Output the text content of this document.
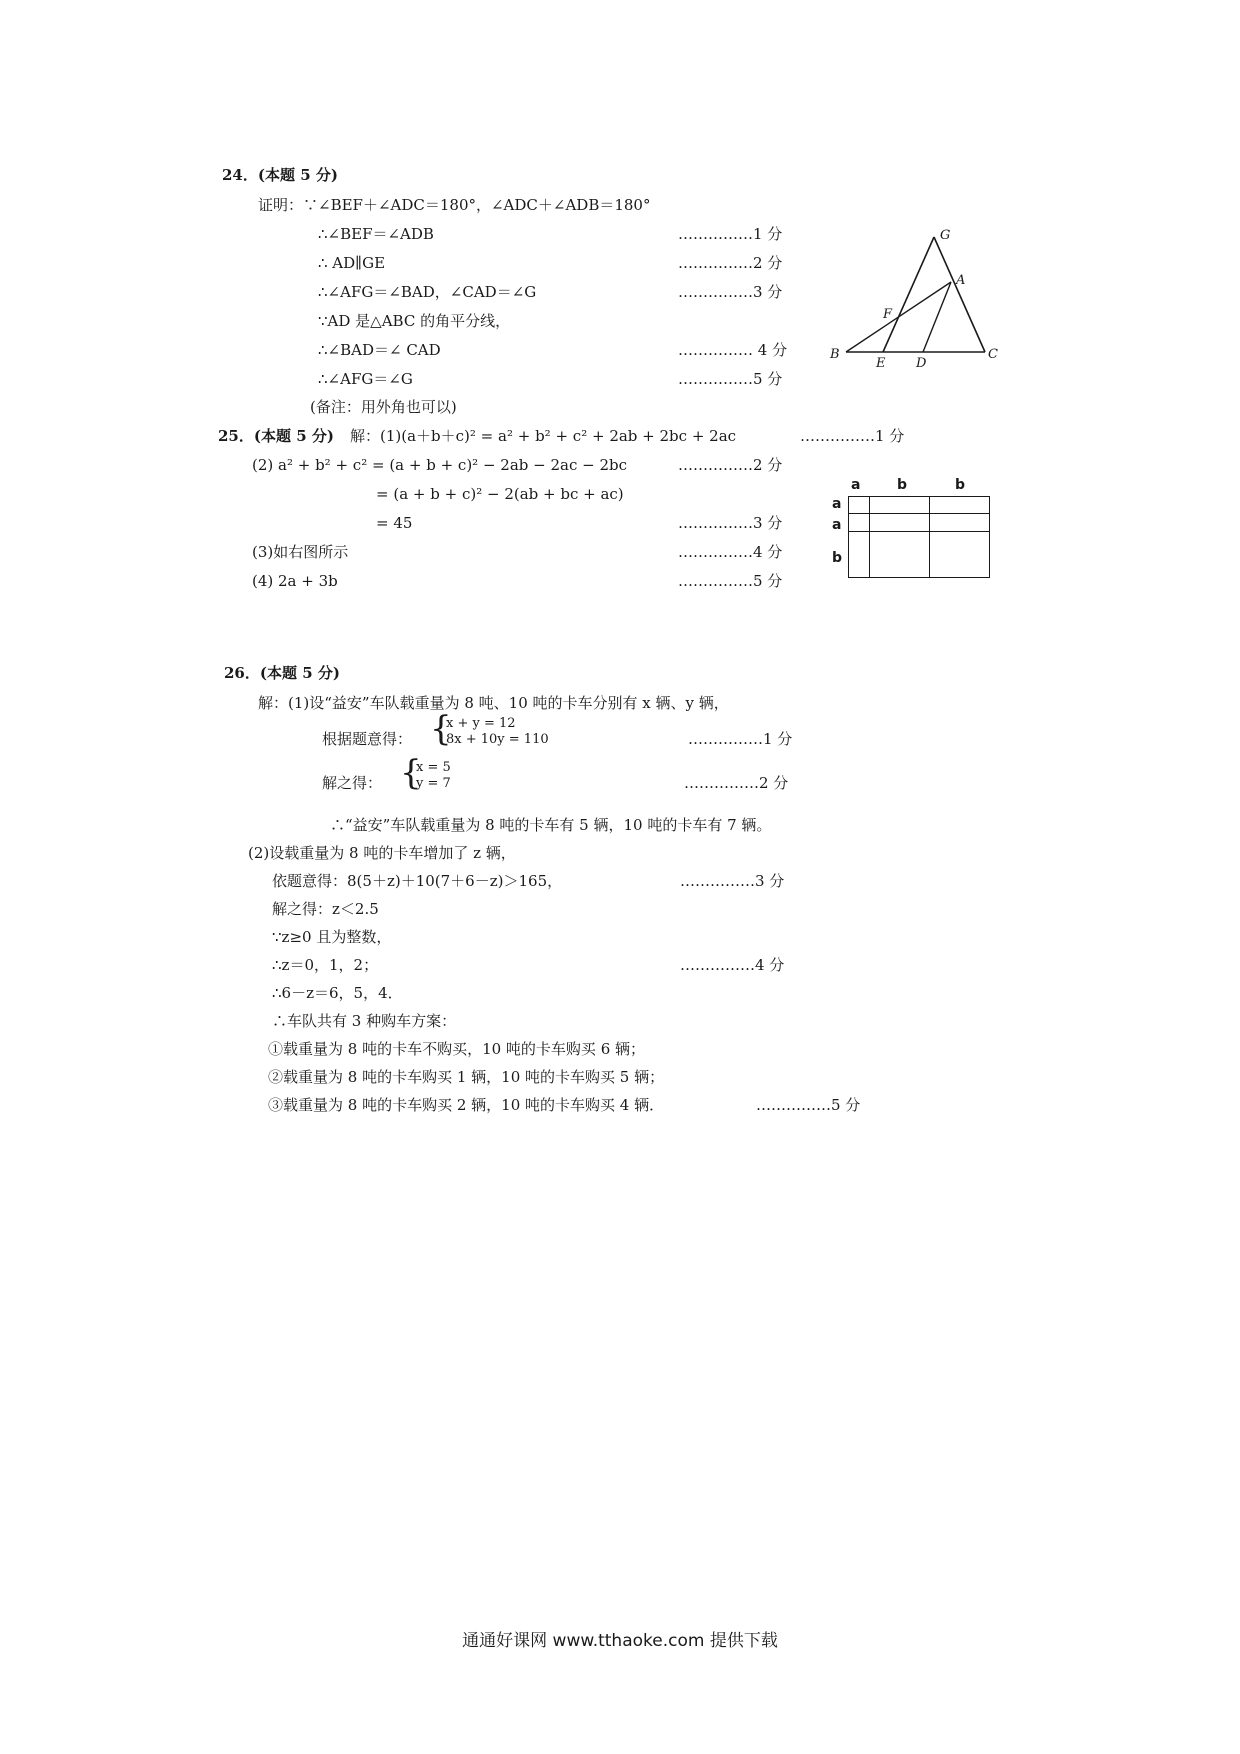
24．(本题 5 分)
证明：∵∠BEF＋∠ADC＝180°，∠ADC＋∠ADB＝180°
∴∠BEF＝∠ADB
∴ AD∥GE
∴∠AFG＝∠BAD，∠CAD＝∠G
∵AD 是△ABC 的角平分线，
∴∠BAD＝∠ CAD
∴∠AFG＝∠G
(备注：用外角也可以)
……………1 分
……………2 分
……………3 分
…………… 4 分
……………5 分
G
A
F
B
E D
C
25．(本题 5 分) 解：(1)(a＋b＋c)² = a² + b² + c² + 2ab + 2bc + 2ac
(2) a² + b² + c² = (a + b + c)² − 2ab − 2ac − 2bc
= (a + b + c)² − 2(ab + bc + ac)
= 45
(3)如右图所示
(4) 2a + 3b
……………1 分
……………2 分
……………3 分
……………4 分
……………5 分
a	b	b
a
a
b
26．(本题 5 分)
解：(1)设“益安”车队载重量为 8 吨、10 吨的卡车分别有 x 辆、y 辆，
根据题意得： {
x + y = 12
8x + 10y = 110	……………1 分
解之得： {
x = 5
y = 7	……………2 分
∴“益安”车队载重量为 8 吨的卡车有 5 辆，10 吨的卡车有 7 辆。
(2)设载重量为 8 吨的卡车增加了 z 辆，
依题意得：8(5＋z)＋10(7＋6－z)＞165，	……………3 分
解之得：z＜2.5
∵z≥0 且为整数，
∴z＝0，1，2；	……………4 分
∴6－z＝6，5，4．
∴车队共有 3 种购车方案：
①载重量为 8 吨的卡车不购买，10 吨的卡车购买 6 辆；
②载重量为 8 吨的卡车购买 1 辆，10 吨的卡车购买 5 辆；
③载重量为 8 吨的卡车购买 2 辆，10 吨的卡车购买 4 辆．	……………5 分
通通好课网 www.tthaoke.com 提供下载
